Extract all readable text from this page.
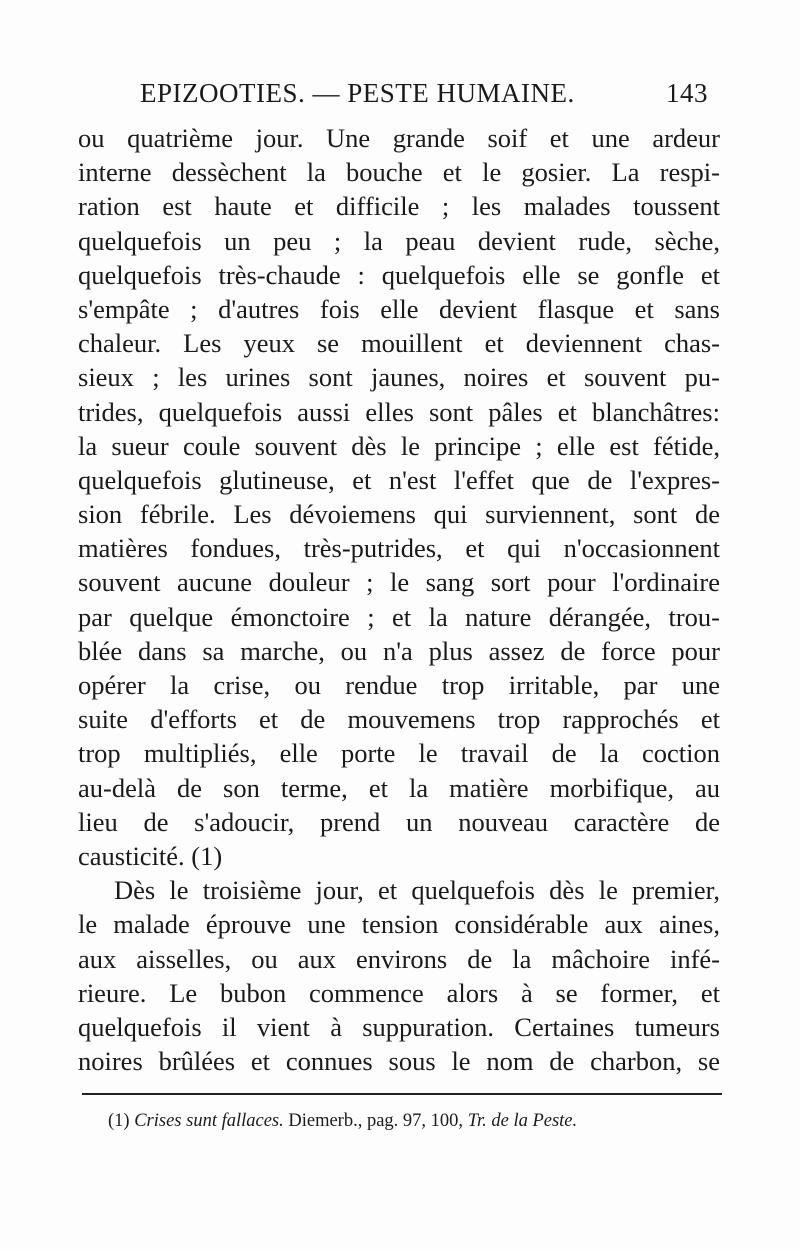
EPIZOOTIES. — PESTE HUMAINE.	143
ou quatrième jour. Une grande soif et une ardeur
interne dessèchent la bouche et le gosier. La respi-
ration est haute et difficile ; les malades toussent
quelquefois un peu ; la peau devient rude, sèche,
quelquefois très-chaude : quelquefois elle se gonfle et
s'empâte ; d'autres fois elle devient flasque et sans
chaleur. Les yeux se mouillent et deviennent chas-
sieux ; les urines sont jaunes, noires et souvent pu-
trides, quelquefois aussi elles sont pâles et blanchâtres:
la sueur coule souvent dès le principe ; elle est fétide,
quelquefois glutineuse, et n'est l'effet que de l'expres-
sion fébrile. Les dévoiemens qui surviennent, sont de
matières fondues, très-putrides, et qui n'occasionnent
souvent aucune douleur ; le sang sort pour l'ordinaire
par quelque émonctoire ; et la nature dérangée, trou-
blée dans sa marche, ou n'a plus assez de force pour
opérer la crise, ou rendue trop irritable, par une
suite d'efforts et de mouvemens trop rapprochés et
trop multipliés, elle porte le travail de la coction
au-delà de son terme, et la matière morbifique, au
lieu de s'adoucir, prend un nouveau caractère de
causticité. (1)
Dès le troisième jour, et quelquefois dès le premier,
le malade éprouve une tension considérable aux aines,
aux aisselles, ou aux environs de la mâchoire infé-
rieure. Le bubon commence alors à se former, et
quelquefois il vient à suppuration. Certaines tumeurs
noires brûlées et connues sous le nom de charbon, se
(1) Crises sunt fallaces. Diemerb., pag. 97, 100, Tr. de la Peste.
